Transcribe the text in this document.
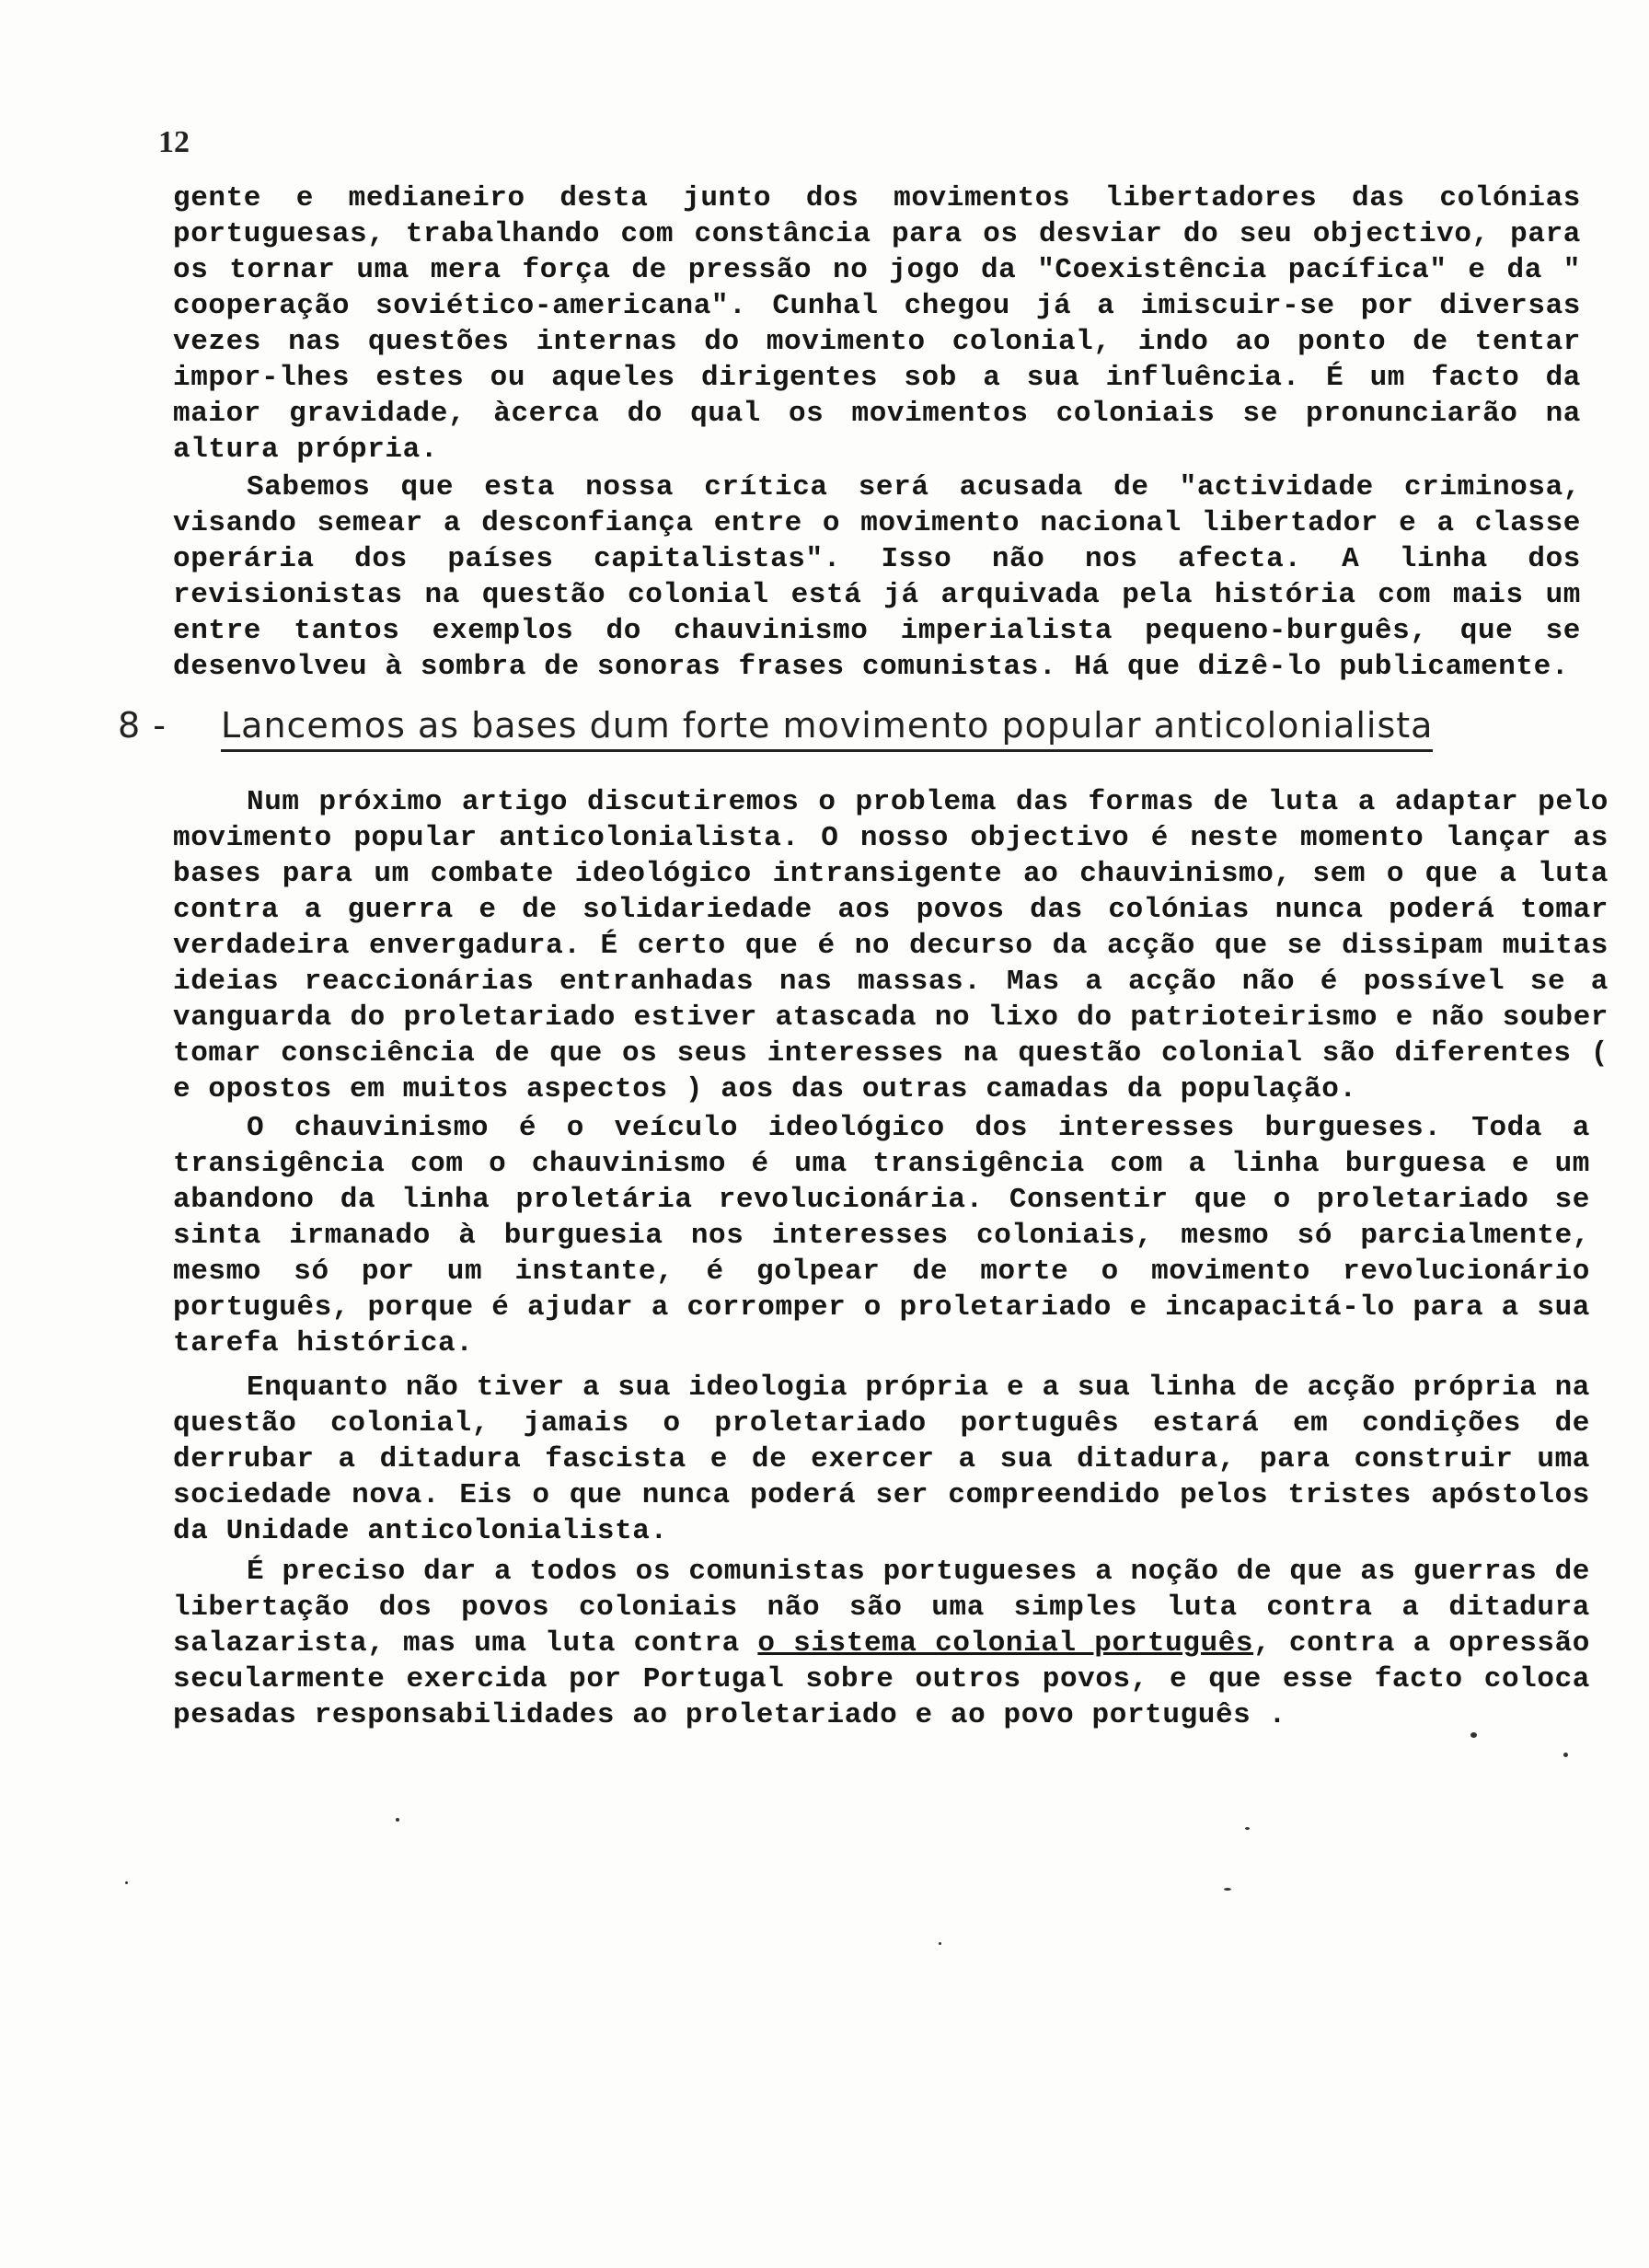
12

gente e medianeiro desta junto dos movimentos libertadores das colónias portuguesas, trabalhando com constância para os desviar do seu objectivo, para os tornar uma mera força de pressão no jogo da "Coexistência pacífica" e da " cooperação soviético-americana". Cunhal chegou já a imiscuir-se por diversas vezes nas questões internas do movimento colonial, indo ao ponto de tentar impor-lhes estes ou aqueles dirigentes sob a sua influência. É um facto da maior gravidade, àcerca do qual os movimentos coloniais se pronunciarão na altura própria.

Sabemos que esta nossa crítica será acusada de "actividade criminosa, visando semear a desconfiança entre o movimento nacional libertador e a classe operária dos países capitalistas". Isso não nos afecta. A linha dos revisionistas na questão colonial está já arquivada pela história com mais um entre tantos exemplos do chauvinismo imperialista pequeno-burguês, que se desenvolveu à sombra de sonoras frases comunistas. Há que dizê-lo publicamente.

8 - Lancemos as bases dum forte movimento popular anticolonialista

Num próximo artigo discutiremos o problema das formas de luta a adaptar pelo movimento popular anticolonialista. O nosso objectivo é neste momento lançar as bases para um combate ideológico intransigente ao chauvinismo, sem o que a luta contra a guerra e de solidariedade aos povos das colónias nunca poderá tomar verdadeira envergadura. É certo que é no decurso da acção que se dissipam muitas ideias reaccionárias entranhadas nas massas. Mas a acção não é possível se a vanguarda do proletariado estiver atascada no lixo do patrioteirismo e não souber tomar consciência de que os seus interesses na questão colonial são diferentes ( e opostos em muitos aspectos ) aos das outras camadas da população.

O chauvinismo é o veículo ideológico dos interesses burgueses. Toda a transigência com o chauvinismo é uma transigência com a linha burguesa e um abandono da linha proletária revolucionária. Consentir que o proletariado se sinta irmanado à burguesia nos interesses coloniais, mesmo só parcialmente, mesmo só por um instante, é golpear de morte o movimento revolucionário português, porque é ajudar a corromper o proletariado e incapacitá-lo para a sua tarefa histórica.

Enquanto não tiver a sua ideologia própria e a sua linha de acção própria na questão colonial, jamais o proletariado português estará em condições de derrubar a ditadura fascista e de exercer a sua ditadura, para construir uma sociedade nova. Eis o que nunca poderá ser compreendido pelos tristes apóstolos da Unidade anticolonialista.

É preciso dar a todos os comunistas portugueses a noção de que as guerras de libertação dos povos coloniais não são uma simples luta contra a ditadura salazarista, mas uma luta contra o sistema colonial português, contra a opressão secularmente exercida por Portugal sobre outros povos, e que esse facto coloca pesadas responsabilidades ao proletariado e ao povo português .
